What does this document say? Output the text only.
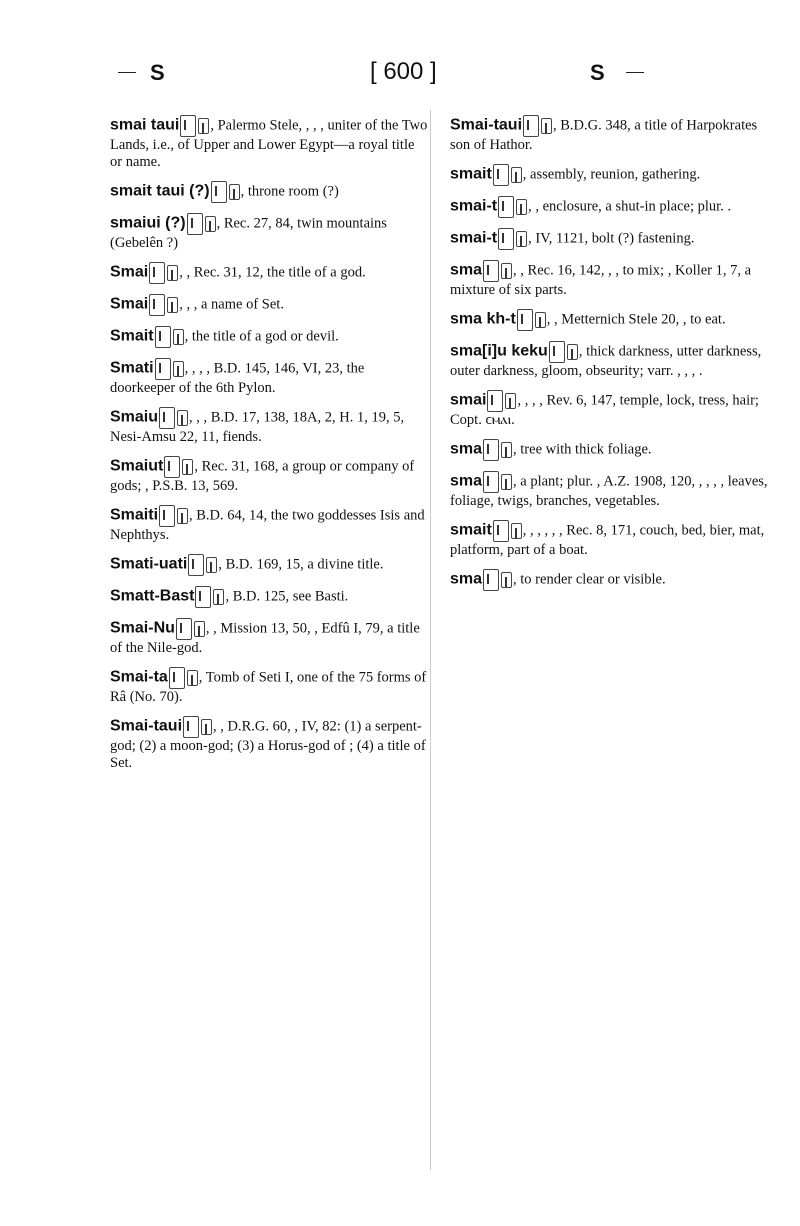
S	[ 600 ]	S
smai taui , Palermo Stele, , , , uniter of the Two Lands, i.e., of Upper and Lower Egypt—a royal title or name.
smait taui (?) , throne room (?)
smaiui (?) , Rec. 27, 84, twin mountains (Gebelên ?)
Smai , , Rec. 31, 12, the title of a god.
Smai , , , a name of Set.
Smait , the title of a god or devil.
Smati , , , , B.D. 145, 146, VI, 23, the doorkeeper of the 6th Pylon.
Smaiu , , , B.D. 17, 138, 18A, 2, H. 1, 19, 5, Nesi-Amsu 22, 11, fiends.
Smaiut , Rec. 31, 168, a group or company of gods; , P.S.B. 13, 569.
Smaiti , B.D. 64, 14, the two goddesses Isis and Nephthys.
Smati-uati , B.D. 169, 15, a divine title.
Smatt-Bast , B.D. 125, see Basti.
Smai-Nu , , Mission 13, 50, , Edfû I, 79, a title of the Nile-god.
Smai-ta , Tomb of Seti I, one of the 75 forms of Râ (No. 70).
Smai-taui , , D.R.G. 60, , IV, 82: (1) a serpent-god; (2) a moon-god; (3) a Horus-god of ; (4) a title of Set.
Smai-taui , B.D.G. 348, a title of Harpokrates son of Hathor.
smait , assembly, reunion, gathering.
smai-t , , enclosure, a shut-in place; plur. .
smai-t , IV, 1121, bolt (?) fastening.
sma , , Rec. 16, 142, , , to mix; , Koller 1, 7, a mixture of six parts.
sma kh-t , , Metternich Stele 20, , to eat.
sma[i]u keku , thick darkness, utter darkness, outer darkness, gloom, obseurity; varr. , , , .
smai , , , , Rev. 6, 147, temple, lock, tress, hair; Copt. ϲⲙⲁⲓ.
sma , tree with thick foliage.
sma , a plant; plur. , A.Z. 1908, 120, , , , , leaves, foliage, twigs, branches, vegetables.
smait , , , , , , Rec. 8, 171, couch, bed, bier, mat, platform, part of a boat.
sma , to render clear or visible.
